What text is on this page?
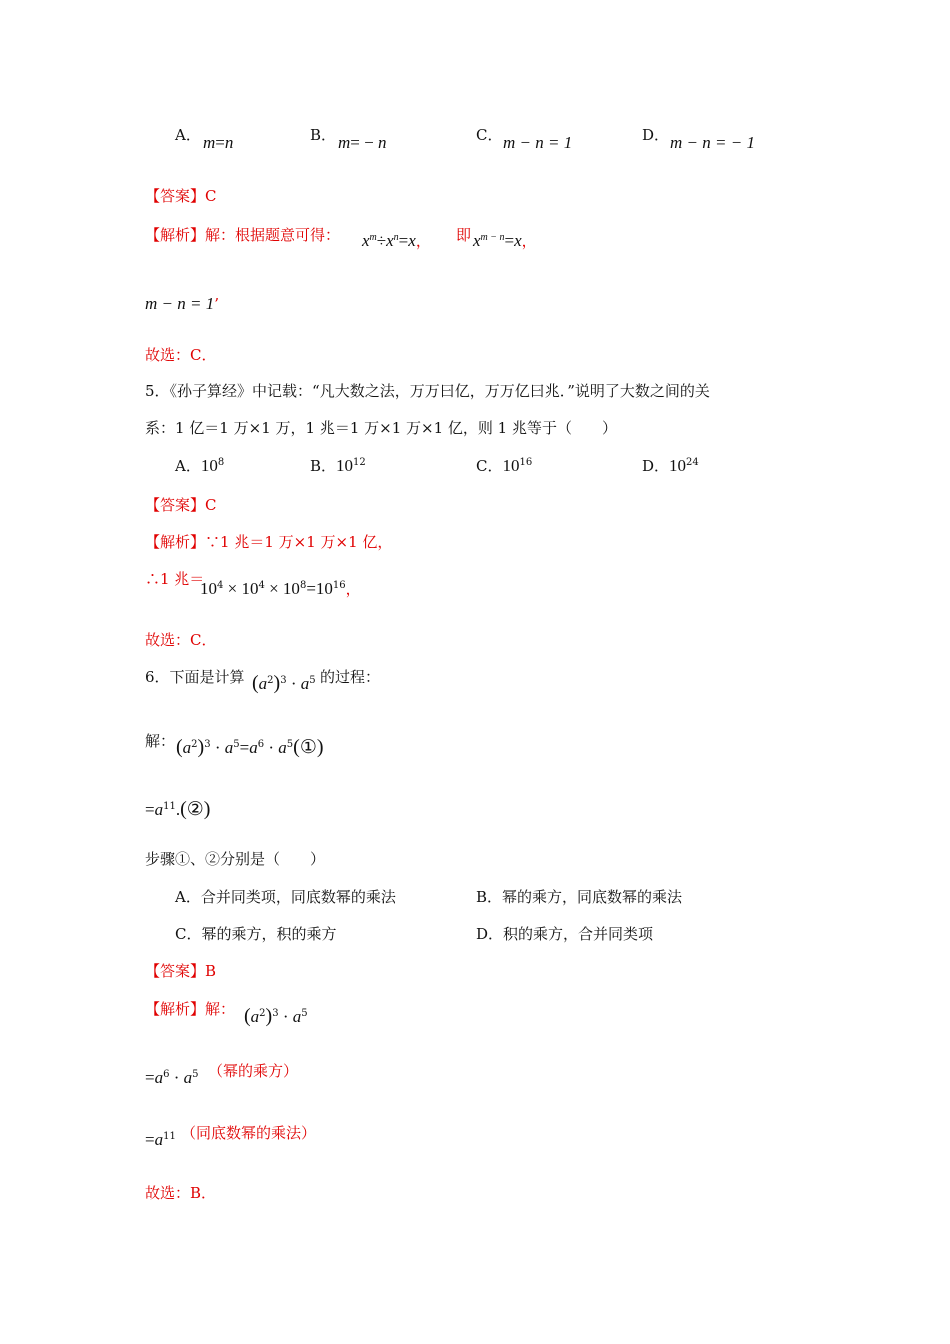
A． m=n	B． m= − n	C． m − n = 1	D． m − n = − 1
【答案】C
【解析】解：根据题意可得： $x^m\div x^n=x$， 即 $x^{m - n}=x$，
m − n = 1’
故选：C．
5．《孙子算经》中记载：“凡大数之法，万万曰亿，万万亿曰兆．”说明了大数之间的关
系：1 亿＝1 万×1 万，1 兆＝1 万×1 万×1 亿，则 1 兆等于（　　）
A．$10^8$	B．$10^{12}$	C．$10^{16}$	D．$10^{24}$
【答案】C
【解析】∵1 兆＝1 万×1 万×1 亿，
∴1 兆＝
$10^4 \times 10^4 \times 10^8=10^{16}$，
故选：C．
6．下面是计算 $(a^2)^3 \cdot a^5$ 的过程：
解： $(a^2)^3 \cdot a^5=a^6$ · $a^5(①)$
$=a^{11}.(②)$
步骤①、②分别是（　　）
A．合并同类项，同底数幂的乘法	B．幂的乘方，同底数幂的乘法
C．幂的乘方，积的乘方	D．积的乘方，合并同类项
【答案】B
【解析】解： $(a^2)^3 \cdot a^5$
$=a^6 \cdot a^5$ （幂的乘方）
$=a^{11}$ （同底数幂的乘法）
故选：B．
